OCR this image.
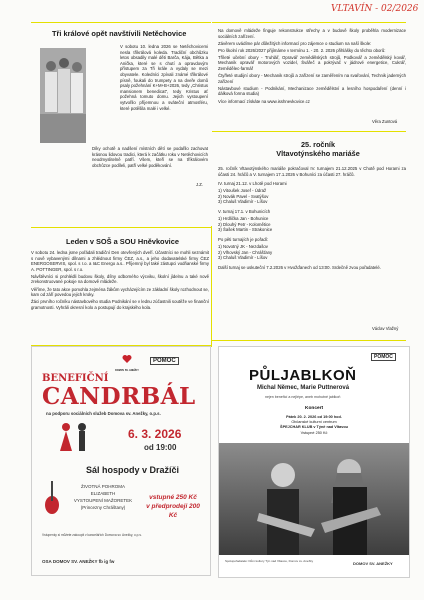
VLTAVÍN - 02/2026
Tři králové opět navštívili Netěchovice

V sobotu 10. ledna 2026 se Netěchovicemi nesla tříkrálová koleda. Tradiční obchůzku letos obsadily malé děti Barča, Kája, Bětka a Anička, které se s chutí a opravdovým přístupem za Tři krále a vydaly se mezi obyvatele. Koledníci zpívali známé tříkrálové písně, foukali do trumpety a na dveře domů psaly požehnání K+M+B+2026, tedy „Christus mansionem benedicat", tedy Kristus ať požehná tomuto domu. Jejich vystoupení vytvořilo příjemnou a sváteční atmosféru, které potěšila malé i velké.

Díky ochotě a nadšení místních dětí se podařilo zachovat krásnou lidovou tradici, která k začátku roku v Netěchovicích neodmyslitelně patří. Všem, kteří se na tříkrálovém obchůzce podíleli, patří velké poděkování.

J.Z.

Na domově mládeže finguje rekonstrukce střechy a v budově školy proběhla modernizace sociálních zařízení.

Závěrem uvádíme pár důležitých informací pro zájemce o studium na naší škole:

Pro školní rok 2026/2027 přijímáme v termínu 1. - 20. 2. 2026 přihlášky do těchto oborů:

Tříleté učební obory - Truhlář, Opravář zemědělských strojů, Podkovář a zemědělský kovář, Mechanik opravář motorových vozidel, Švářeč a pokrývač v jádrové energetice, Cukrář, Zemědělec-farmář

Čtyřleté studijní obory - Mechanik strojů a zařízení se zaměřením na svařování, Technik jaderných zařízení

Nástavbové studium - Podnikání, Mechanizace zemědělství a lesního hospodaření (denní i dálková forma studia)

Více informací získáte na www.isshnevkovice.cz

Věra Zuntová
25. ročník
Vltavotýnského mariáše

25. ročník Vltavotýnského mariáše pokračoval IV. turnajem 21.12.2025 v Chotě pod Horami za účasti 24. hráčů a V. turnajem 17.1.2026 v Bohuníci za účasti 27. hráčů.

IV. turnaj 21.12. v Lhotě pod Horami

1) Vitoušek Josef - Údraž
2) Novák Pavel - Svatýšov
3) Chaluš Vladimír - Líšov

V. turnaj 17.1. v Bohunicích

1) Hrdlička Jan - Bohunice
2) Dlouhý Petr - Kolomětice
3) Šašek Martin - Strakonice

Po pěti turnajích je pořadí:

1) Novotný JK - Nezdašov
2) Vlhovský Jan - Chrášťany
3) Chaluš Vladimír - Líšov

Další turnaj se uskuteční 7.2.2026 v Hvožďanech od 13:00. Srdečně zvou pořadatelé.

Václav Vlažný
Leden v SOŠ a SOU Hněvkovice

V sobotu 24. ledna jsme pořádali tradiční Den otevřených dveří. Účastníci se mohli seznámit s nově vybavenými dílnami a zhlédnout firmy ČEZ, a.s., a jeho dodavatelské firmy ČEZ ENERGOSERVIS, spol. s r.o. a I&C Energo a.s.. Příjemný byl také zástupci vodňanské firmy A. POTTINGER, spol. s r.o.

Návštěvníci si prohlédli budovu školy, dílny odborného výcviku, školní jídelnu a také nově zrekonstruované pokoje na domově mládeže.

Věříme, že tato akce pomohla zejména žákům vycházejícím ze základní školy rozhodnout se, kam od září povedou jejich kroky.

Žáci prvního ročníku nástavbového studia Podnikání se v lednu zúčastnili soutěže ve finanční gramotnosti. Vyhráli okresní kolo a postupují do krajského kola.

DOMOV SV. ANEŽKY
POMOC
BENEFIČNÍ
CANDRBÁL
na podporu sociálních služeb Domova sv. Anežky, o.p.s.
6. 3. 2026
od 19:00
Sál hospody v Dražíči
ŽIVOTNÁ POHROMA
ELIZABETH
VYSTOUPENÍ MAŽORETEK
(Princezny Chráštany)
vstupné 250 Kč
v předprodeji 200 Kč
Vstupenky si můžete zakoupit v kancelářích Domova sv. Anežky, o.p.s.
OSA DOMOV SV. ANEŽKY fb ig fw
POMOC
PŮLJABLKOŇ
Michal Němec, Marie Puttnerová
nejen beneficí a nejlépe, aneb mohutné jablkoň
Koncert
Pátek 20. 2. 2026 od 19:00 hod.
Občanské kulturní centrum
ŠPEJCHAR KLUB v Týně nad Vltavou
Vstupné 250 Kč
Spolupořadatelé: Dům kultury Týn nad Vltavou, Domov sv. Anežky	DOMOV SV. ANEŽKY
